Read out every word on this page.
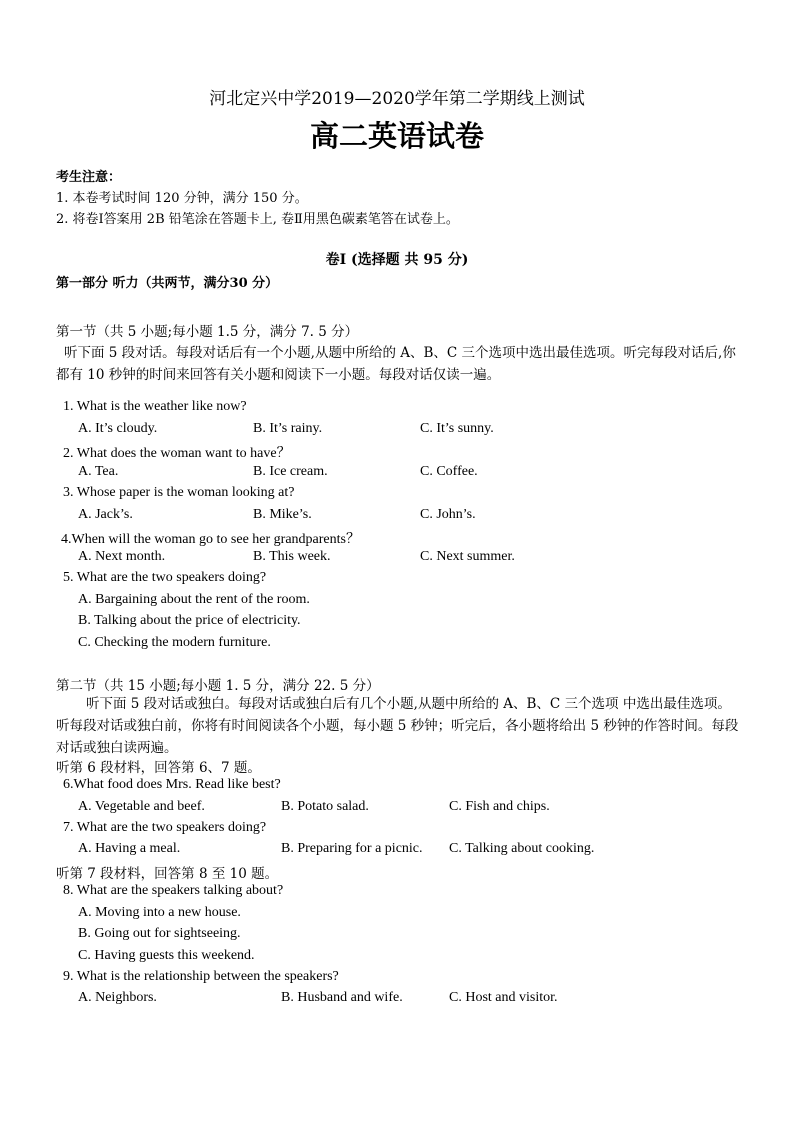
河北定兴中学2019—2020学年第二学期线上测试
高二英语试卷
考生注意：
1. 本卷考试时间 120 分钟，满分 150 分。
2. 将卷Ⅰ答案用 2B 铅笔涂在答题卡上, 卷Ⅱ用黑色碳素笔答在试卷上。
卷Ⅰ (选择题 共 95 分)
第一部分 听力（共两节，满分30 分）
第一节（共 5 小题;每小题 1.5 分，满分 7. 5 分）
听下面 5 段对话。每段对话后有一个小题,从题中所给的 A、B、C 三个选项中选出最佳选项。听完每段对话后,你都有 10 秒钟的时间来回答有关小题和阅读下一小题。每段对话仅读一遍。
1. What is the weather like now?
A. It’s cloudy.	B. It’s rainy.	C. It’s sunny.
2. What does the woman want to have？
A. Tea.	B. Ice cream.	C. Coffee.
3. Whose paper is the woman looking at?
A. Jack’s.	B. Mike’s.	C. John’s.
4.When will the woman go to see her grandparents？
A. Next month.	B. This week.	C. Next summer.
5. What are the two speakers doing?
A. Bargaining about the rent of the room.
B. Talking about the price of electricity.
C. Checking the modern furniture.
第二节（共 15 小题;每小题 1. 5 分，满分 22. 5 分）
听下面 5 段对话或独白。每段对话或独白后有几个小题,从题中所给的 A、B、C 三个选项 中选出最佳选项。听每段对话或独白前，你将有时间阅读各个小题，每小题 5 秒钟；听完后，各小题将给出 5 秒钟的作答时间。每段对话或独白读两遍。
听第 6 段材料，回答第 6、7 题。
6.What food does Mrs. Read like best?
A. Vegetable and beef.	B. Potato salad.	C. Fish and chips.
7. What are the two speakers doing?
A. Having a meal.	B. Preparing for a picnic. C. Talking about cooking.
听第 7 段材料，回答第 8 至 10 题。
8. What are the speakers talking about?
A. Moving into a new house.
B. Going out for sightseeing.
C. Having guests this weekend.
9. What is the relationship between the speakers?
A. Neighbors.	B. Husband and wife.	C. Host and visitor.
